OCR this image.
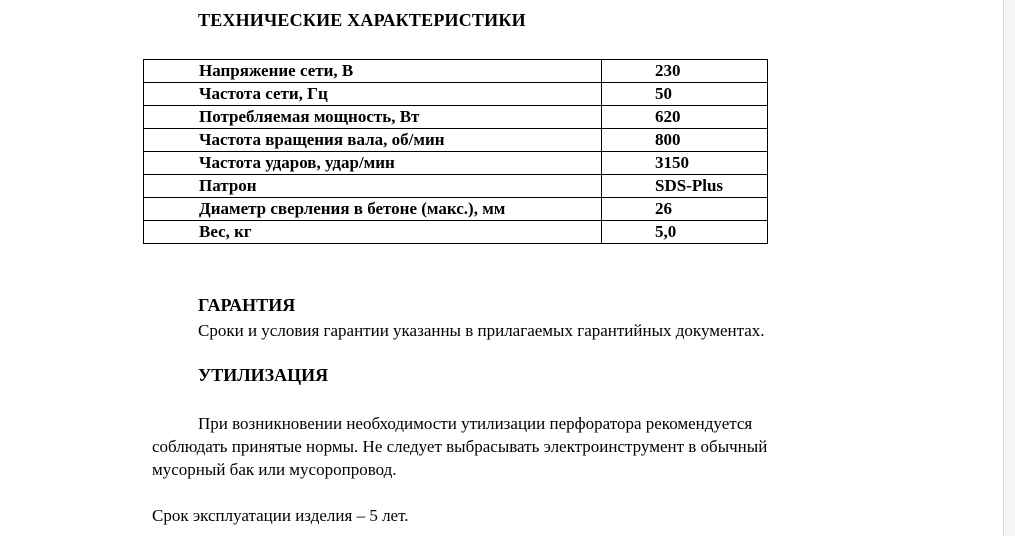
ТЕХНИЧЕСКИЕ ХАРАКТЕРИСТИКИ
Напряжение сети, В	230
Частота сети, Гц	50
Потребляемая мощность, Вт	620
Частота вращения вала, об/мин	800
Частота ударов, удар/мин	3150
Патрон	SDS-Plus
Диаметр сверления в бетоне (макс.), мм	26
Вес, кг	5,0
ГАРАНТИЯ

Сроки и условия гарантии указанны в прилагаемых гарантийных документах.

УТИЛИЗАЦИЯ

При возникновении необходимости утилизации перфоратора рекомендуется

соблюдать принятые нормы. Не следует выбрасывать электроинструмент в обычный

мусорный бак или мусоропровод.

Срок эксплуатации изделия – 5 лет.
